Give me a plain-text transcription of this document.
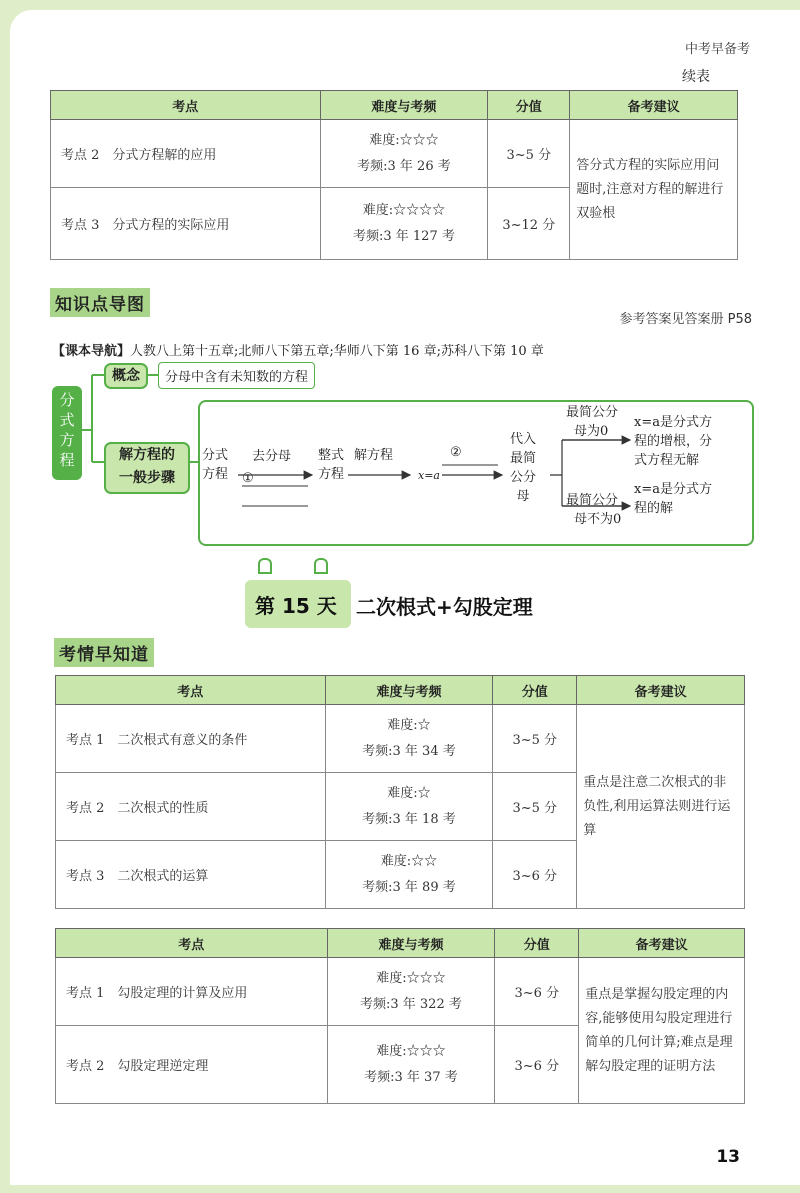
中考早备考
续表
考点	难度与考频	分值	备考建议
考点 2　分式方程解的应用	难度:☆☆☆
考频:3 年 26 考	3~5 分	答分式方程的实际应用问题时,注意对方程的解进行双验根
考点 3　分式方程的实际应用	难度:☆☆☆☆
考频:3 年 127 考	3~12 分	
知识点导图
参考答案见答案册 P58
【课本导航】人教八上第十五章;北师八下第五章;华师八下第 16 章;苏科八下第 10 章
分式方程
概念	分母中含有未知数的方程
解方程的
一般步骤
分式
方程
去分母
①
整式
方程
解方程
x=a
②
代入
最简
公分
母
最简公分
母为0
x=a是分式方
程的增根，分
式方程无解
x=a是分式方
程的解
最简公分
母不为0
第 15 天 二次根式+勾股定理
考情早知道
考点	难度与考频	分值	备考建议
考点 1　二次根式有意义的条件	难度:☆
考频:3 年 34 考	3~5 分	重点是注意二次根式的非负性,利用运算法则进行运算
考点 2　二次根式的性质	难度:☆
考频:3 年 18 考	3~5 分	
考点 3　二次根式的运算	难度:☆☆
考频:3 年 89 考	3~6 分	
考点	难度与考频	分值	备考建议
考点 1　勾股定理的计算及应用	难度:☆☆☆
考频:3 年 322 考	3~6 分	重点是掌握勾股定理的内容,能够使用勾股定理进行简单的几何计算;难点是理解勾股定理的证明方法
考点 2　勾股定理逆定理	难度:☆☆☆
考频:3 年 37 考	3~6 分	
13
